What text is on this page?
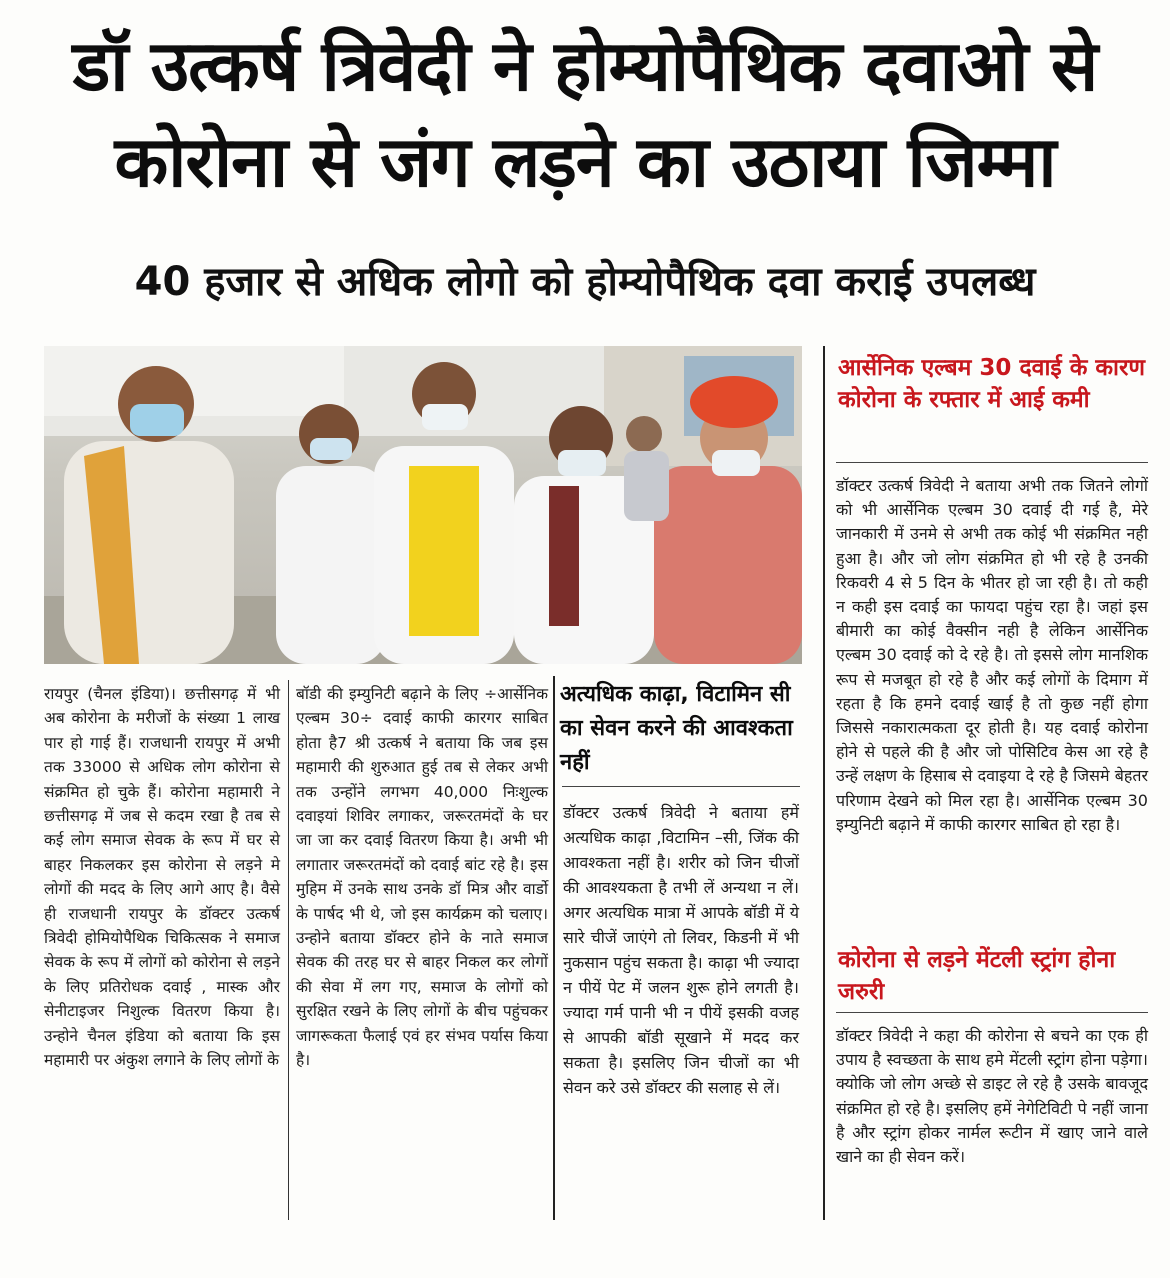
डॉ उत्कर्ष त्रिवेदी ने होम्योपैथिक दवाओ से
कोरोना से जंग लड़ने का उठाया जिम्मा
40 हजार से अधिक लोगो को होम्योपैथिक दवा कराई उपलब्ध
रायपुर (चैनल इंडिया)। छत्तीसगढ़ में भी अब कोरोना के मरीजों के संख्या 1 लाख पार हो गाई हैं। राजधानी रायपुर में अभी तक 33000 से अधिक लोग कोरोना से संक्रमित हो चुके हैं। कोरोना महामारी ने छत्तीसगढ़ में जब से कदम रखा है तब से कई लोग समाज सेवक के रूप में घर से बाहर निकलकर इस कोरोना से लड़ने मे लोगों की मदद के लिए आगे आए है। वैसे ही राजधानी रायपुर के डॉक्टर उत्कर्ष त्रिवेदी होमियोपैथिक चिकित्सक ने समाज सेवक के रूप में लोगों को कोरोना से लड़ने के लिए प्रतिरोधक दवाई , मास्क और सेनीटाइजर निशुल्क वितरण किया है। उन्होने चैनल इंडिया को बताया कि इस महामारी पर अंकुश लगाने के लिए लोगों के
बॉडी की इम्युनिटी बढ़ाने के लिए ÷आर्सेनिक एल्बम 30÷ दवाई काफी कारगर साबित होता है7 श्री उत्कर्ष ने बताया कि जब इस महामारी की शुरुआत हुई तब से लेकर अभी तक उन्होंने लगभग 40,000 निःशुल्क दवाइयां शिविर लगाकर, जरूरतमंदों के घर जा जा कर दवाई वितरण किया है। अभी भी लगातार जरूरतमंदों को दवाई बांट रहे है। इस मुहिम में उनके साथ उनके डॉ मित्र और वार्डो के पार्षद भी थे, जो इस कार्यक्रम को चलाए। उन्होने बताया डॉक्टर होने के नाते समाज सेवक की तरह घर से बाहर निकल कर लोगों की सेवा में लग गए, समाज के लोगों को सुरक्षित रखने के लिए लोगों के बीच पहुंचकर जागरूकता फैलाई एवं हर संभव पर्यास किया है।
अत्यधिक काढ़ा, विटामिन सी का सेवन करने की आवश्कता नहीं
डॉक्टर उत्कर्ष त्रिवेदी ने बताया हमें अत्यधिक काढ़ा ,विटामिन –सी, जिंक की आवश्कता नहीं है। शरीर को जिन चीजों की आवश्यकता है तभी लें अन्यथा न लें। अगर अत्यधिक मात्रा में आपके बॉडी में ये सारे चीजें जाएंगे तो लिवर, किडनी में भी नुकसान पहुंच सकता है। काढ़ा भी ज्यादा न पीयें पेट में जलन शुरू होने लगती है। ज्यादा गर्म पानी भी न पीयें इसकी वजह से आपकी बॉडी सूखाने में मदद कर सकता है। इसलिए जिन चीजों का भी सेवन करे उसे डॉक्टर की सलाह से लें।
आर्सेनिक एल्बम 30 दवाई के कारण कोरोना के रफ्तार में आई कमी
डॉक्टर उत्कर्ष त्रिवेदी ने बताया अभी तक जितने लोगों को भी आर्सेनिक एल्बम 30 दवाई दी गई है, मेरे जानकारी में उनमे से अभी तक कोई भी संक्रमित नही हुआ है। और जो लोग संक्रमित हो भी रहे है उनकी रिकवरी 4 से 5 दिन के भीतर हो जा रही है। तो कही न कही इस दवाई का फायदा पहुंच रहा है। जहां इस बीमारी का कोई वैक्सीन नही है लेकिन आर्सेनिक एल्बम 30 दवाई को दे रहे है। तो इससे लोग मानशिक रूप से मजबूत हो रहे है और कई लोगों के दिमाग में रहता है कि हमने दवाई खाई है तो कुछ नहीं होगा जिससे नकारात्मकता दूर होती है। यह दवाई कोरोना होने से पहले की है और जो पोसिटिव केस आ रहे है उन्हें लक्षण के हिसाब से दवाइया दे रहे है जिसमे बेहतर परिणाम देखने को मिल रहा है। आर्सेनिक एल्बम 30 इम्युनिटी बढ़ाने में काफी कारगर साबित हो रहा है।
कोरोना से लड़ने मेंटली स्ट्रांग होना जरुरी
डॉक्टर त्रिवेदी ने कहा की कोरोना से बचने का एक ही उपाय है स्वच्छता के साथ हमे मेंटली स्ट्रांग होना पड़ेगा। क्योकि जो लोग अच्छे से डाइट ले रहे है उसके बावजूद संक्रमित हो रहे है। इसलिए हमें नेगेटिविटी पे नहीं जाना है और स्ट्रांग होकर नार्मल रूटीन में खाए जाने वाले खाने का ही सेवन करें।
